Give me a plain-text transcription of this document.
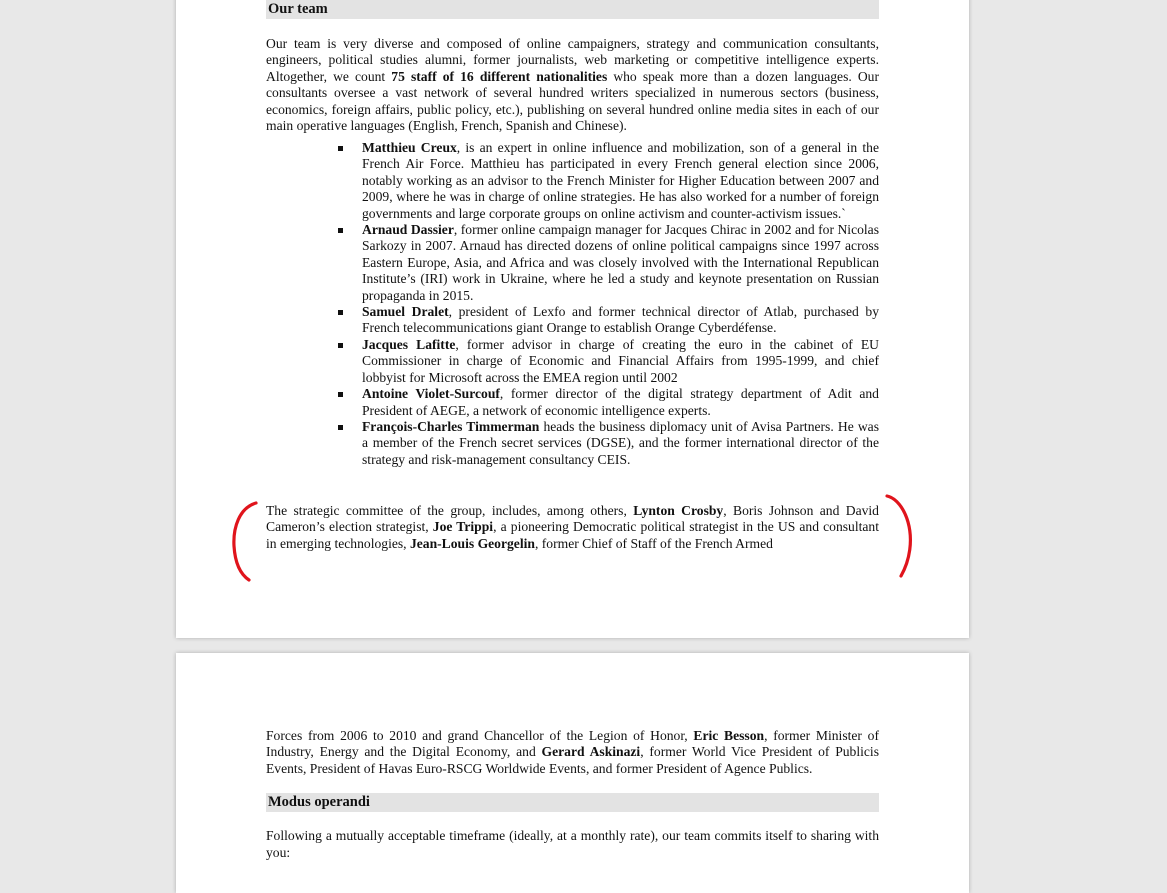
Our team

Our team is very diverse and composed of online campaigners, strategy and communication consultants, engineers, political studies alumni, former journalists, web marketing or competitive intelligence experts. Altogether, we count 75 staff of 16 different nationalities who speak more than a dozen languages. Our consultants oversee a vast network of several hundred writers specialized in numerous sectors (business, economics, foreign affairs, public policy, etc.), publishing on several hundred online media sites in each of our main operative languages (English, French, Spanish and Chinese).

Matthieu Creux, is an expert in online influence and mobilization, son of a general in the French Air Force. Matthieu has participated in every French general election since 2006, notably working as an advisor to the French Minister for Higher Education between 2007 and 2009, where he was in charge of online strategies. He has also worked for a number of foreign governments and large corporate groups on online activism and counter-activism issues.`
Arnaud Dassier, former online campaign manager for Jacques Chirac in 2002 and for Nicolas Sarkozy in 2007. Arnaud has directed dozens of online political campaigns since 1997 across Eastern Europe, Asia, and Africa and was closely involved with the International Republican Institute’s (IRI) work in Ukraine, where he led a study and keynote presentation on Russian propaganda in 2015.
Samuel Dralet, president of Lexfo and former technical director of Atlab, purchased by French telecommunications giant Orange to establish Orange Cyberdéfense.
Jacques Lafitte, former advisor in charge of creating the euro in the cabinet of EU Commissioner in charge of Economic and Financial Affairs from 1995-1999, and chief lobbyist for Microsoft across the EMEA region until 2002
Antoine Violet-Surcouf, former director of the digital strategy department of Adit and President of AEGE, a network of economic intelligence experts.
François-Charles Timmerman heads the business diplomacy unit of Avisa Partners. He was a member of the French secret services (DGSE), and the former international director of the strategy and risk-management consultancy CEIS.

The strategic committee of the group, includes, among others, Lynton Crosby, Boris Johnson and David Cameron’s election strategist, Joe Trippi, a pioneering Democratic political strategist in the US and consultant in emerging technologies, Jean-Louis Georgelin, former Chief of Staff of the French Armed

Forces from 2006 to 2010 and grand Chancellor of the Legion of Honor, Eric Besson, former Minister of Industry, Energy and the Digital Economy, and Gerard Askinazi, former World Vice President of Publicis Events, President of Havas Euro-RSCG Worldwide Events, and former President of Agence Publics.

Modus operandi

Following a mutually acceptable timeframe (ideally, at a monthly rate), our team commits itself to sharing with you:
